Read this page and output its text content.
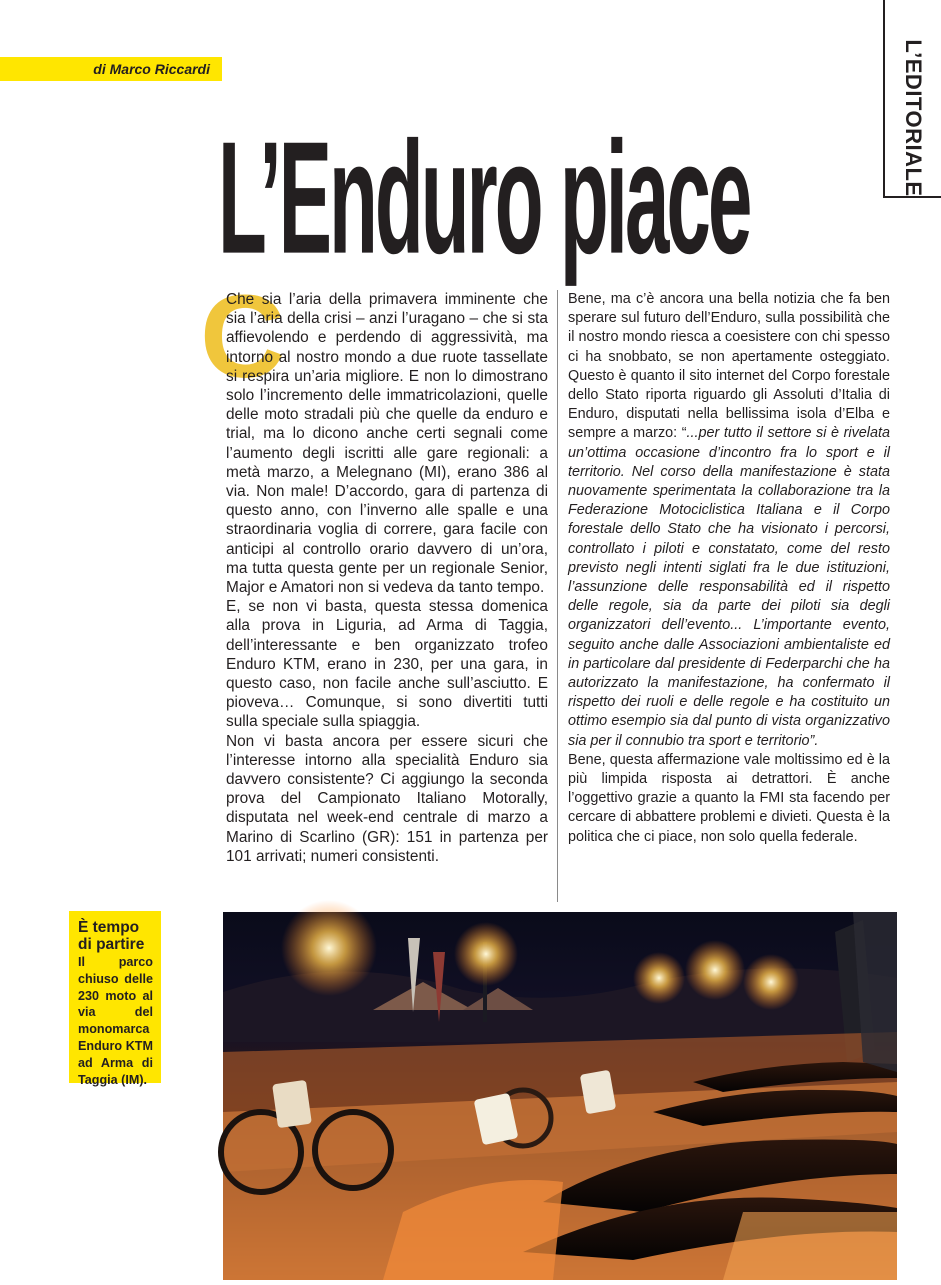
di Marco Riccardi	L’EDITORIALE
L’Enduro piace
C

Che sia l’aria della primavera imminente che sia l’aria della crisi – anzi l’uragano – che si sta affievolendo e perdendo di aggressività, ma intorno al nostro mondo a due ruote tassellate si respira un’aria migliore. E non lo dimostrano solo l’incremento delle immatricolazioni, quelle delle moto stradali più che quelle da enduro e trial, ma lo dicono anche certi segnali come l’aumento degli iscritti alle gare regionali: a metà marzo, a Melegnano (MI), erano 386 al via. Non male! D’accordo, gara di partenza di questo anno, con l’inverno alle spalle e una straordinaria voglia di correre, gara facile con anticipi al controllo orario davvero di un’ora, ma tutta questa gente per un regionale Senior, Major e Amatori non si vedeva da tanto tempo.

E, se non vi basta, questa stessa domenica alla prova in Liguria, ad Arma di Taggia, dell’interessante e ben organizzato trofeo Enduro KTM, erano in 230, per una gara, in questo caso, non facile anche sull’asciutto. E pioveva… Comunque, si sono divertiti tutti sulla speciale sulla spiaggia.

Non vi basta ancora per essere sicuri che l’interesse intorno alla specialità Enduro sia davvero consistente? Ci aggiungo la seconda prova del Campionato Italiano Motorally, disputata nel week-end centrale di marzo a Marino di Scarlino (GR): 151 in partenza per 101 arrivati; numeri consistenti.

Bene, ma c’è ancora una bella notizia che fa ben sperare sul futuro dell’Enduro, sulla possibilità che il nostro mondo riesca a coesistere con chi spesso ci ha snobbato, se non apertamente osteggiato. Questo è quanto il sito internet del Corpo forestale dello Stato riporta riguardo gli Assoluti d’Italia di Enduro, disputati nella bellissima isola d’Elba e sempre a marzo: “...per tutto il settore si è rivelata un’ottima occasione d’incontro fra lo sport e il territorio. Nel corso della manifestazione è stata nuovamente sperimentata la collaborazione tra la Federazione Motociclistica Italiana e il Corpo forestale dello Stato che ha visionato i percorsi, controllato i piloti e constatato, come del resto previsto negli intenti siglati fra le due istituzioni, l’assunzione delle responsabilità ed il rispetto delle regole, sia da parte dei piloti sia degli organizzatori dell’evento... L’importante evento, seguito anche dalle Associazioni ambientaliste ed in particolare dal presidente di Federparchi che ha autorizzato la manifestazione, ha confermato il rispetto dei ruoli e delle regole e ha costituito un ottimo esempio sia dal punto di vista organizzativo sia per il connubio tra sport e territorio”.

Bene, questa affermazione vale moltissimo ed è la più limpida risposta ai detrattori. È anche l’oggettivo grazie a quanto la FMI sta facendo per cercare di abbattere problemi e divieti. Questa è la politica che ci piace, non solo quella federale.

È tempo di partire
Il parco chiuso delle 230 moto al via del monomarca Enduro KTM ad Arma di Taggia (IM).
